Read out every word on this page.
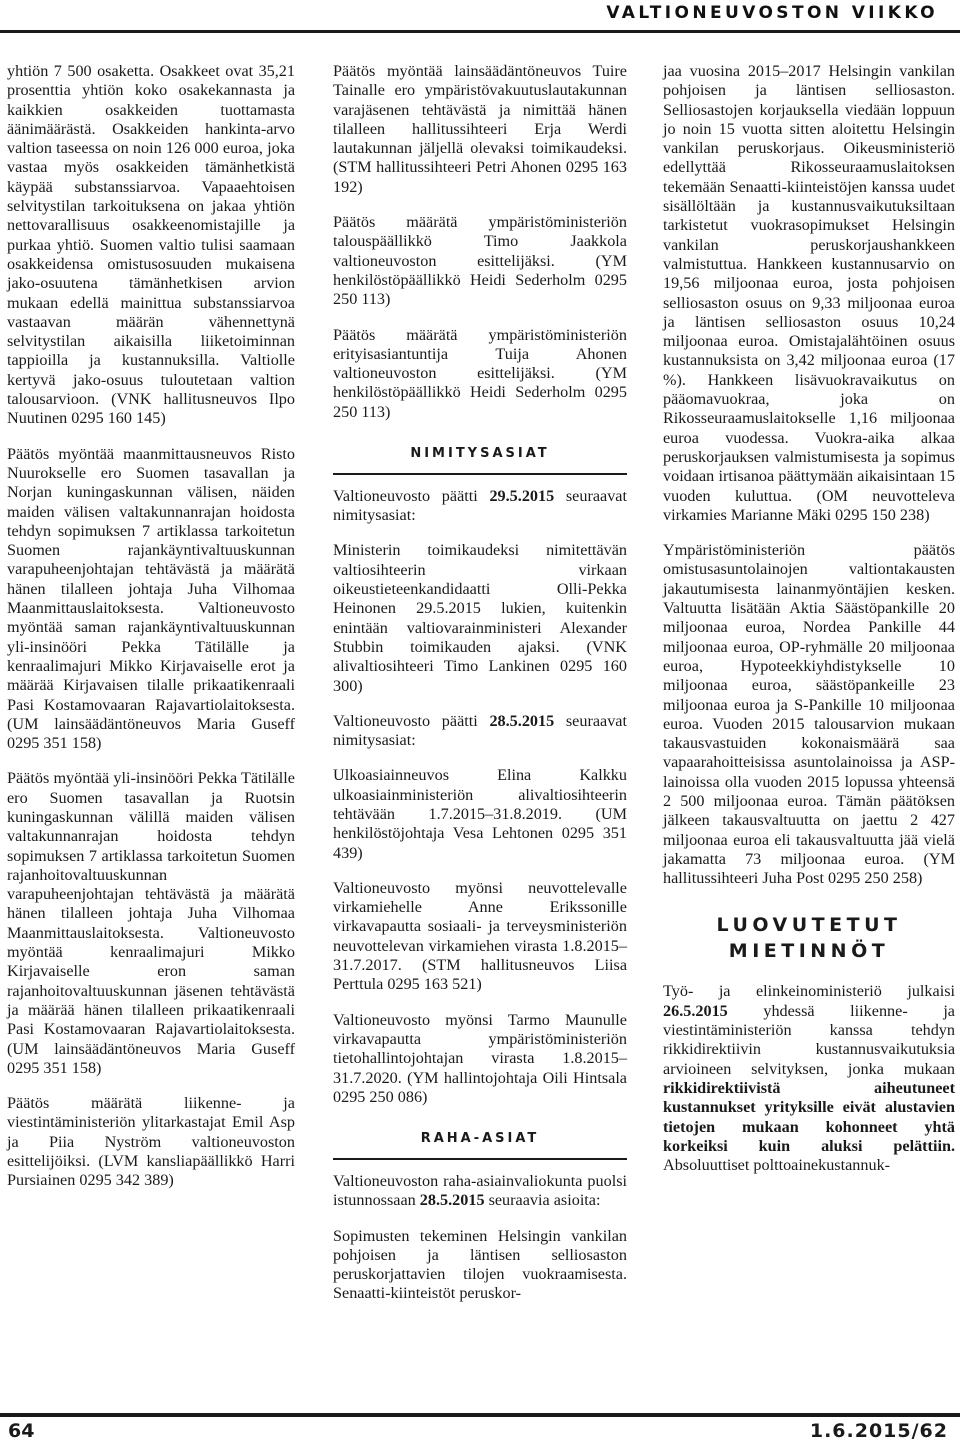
VALTIONEUVOSTON VIIKKO

yhtiön 7 500 osaketta. Osakkeet ovat 35,21 prosenttia yhtiön koko osakekannasta ja kaikkien osakkeiden tuottamasta äänimäärästä. Osakkeiden hankinta-arvo valtion taseessa on noin 126 000 euroa, joka vastaa myös osakkeiden tämänhetkistä käypää substanssiarvoa. Vapaaehtoisen selvitystilan tarkoituksena on jakaa yhtiön nettovarallisuus osakkeenomistajille ja purkaa yhtiö. Suomen valtio tulisi saamaan osakkeidensa omistusosuuden mukaisena jako-osuutena tämänhetkisen arvion mukaan edellä mainittua substanssiarvoa vastaavan määrän vähennettynä selvitystilan aikaisilla liiketoiminnan tappioilla ja kustannuksilla. Valtiolle kertyvä jako-osuus tuloutetaan valtion talousarvioon. (VNK hallitusneuvos Ilpo Nuutinen 0295 160 145)

Päätös myöntää maanmittausneuvos Risto Nuurokselle ero Suomen tasavallan ja Norjan kuningaskunnan välisen, näiden maiden välisen valtakunnanrajan hoidosta tehdyn sopimuksen 7 artiklassa tarkoitetun Suomen rajankäyntivaltuuskunnan varapuheenjohtajan tehtävästä ja määrätä hänen tilalleen johtaja Juha Vilhomaa Maanmittauslaitoksesta. Valtioneuvosto myöntää saman rajankäyntivaltuuskunnan yli-insinööri Pekka Tätilälle ja kenraalimajuri Mikko Kirjavaiselle erot ja määrää Kirjavaisen tilalle prikaatikenraali Pasi Kostamovaaran Rajavartiolaitoksesta. (UM lainsäädäntöneuvos Maria Guseff 0295 351 158)

Päätös myöntää yli-insinööri Pekka Tätilälle ero Suomen tasavallan ja Ruotsin kuningaskunnan välillä maiden välisen valtakunnanrajan hoidosta tehdyn sopimuksen 7 artiklassa tarkoitetun Suomen rajanhoitovaltuuskunnan varapuheenjohtajan tehtävästä ja määrätä hänen tilalleen johtaja Juha Vilhomaa Maanmittauslaitoksesta. Valtioneuvosto myöntää kenraalimajuri Mikko Kirjavaiselle eron saman rajanhoitovaltuuskunnan jäsenen tehtävästä ja määrää hänen tilalleen prikaatikenraali Pasi Kostamovaaran Rajavartiolaitoksesta. (UM lainsäädäntöneuvos Maria Guseff 0295 351 158)

Päätös määrätä liikenne- ja viestintäministeriön ylitarkastajat Emil Asp ja Piia Nyström valtioneuvoston esittelijöiksi. (LVM kansliapäällikkö Harri Pursiainen 0295 342 389)

Päätös myöntää lainsäädäntöneuvos Tuire Tainalle ero ympäristövakuutuslautakunnan varajäsenen tehtävästä ja nimittää hänen tilalleen hallitussihteeri Erja Werdi lautakunnan jäljellä olevaksi toimikaudeksi. (STM hallitussihteeri Petri Ahonen 0295 163 192)

Päätös määrätä ympäristöministeriön talouspäällikkö Timo Jaakkola valtioneuvoston esittelijäksi. (YM henkilöstöpäällikkö Heidi Sederholm 0295 250 113)

Päätös määrätä ympäristöministeriön erityisasiantuntija Tuija Ahonen valtioneuvoston esittelijäksi. (YM henkilöstöpäällikkö Heidi Sederholm 0295 250 113)

NIMITYSASIAT

Valtioneuvosto päätti 29.5.2015 seuraavat nimitysasiat:

Ministerin toimikaudeksi nimitettävän valtiosihteerin virkaan oikeustieteenkandidaatti Olli-Pekka Heinonen 29.5.2015 lukien, kuitenkin enintään valtiovarainministeri Alexander Stubbin toimikauden ajaksi. (VNK alivaltiosihteeri Timo Lankinen 0295 160 300)

Valtioneuvosto päätti 28.5.2015 seuraavat nimitysasiat:

Ulkoasiainneuvos Elina Kalkku ulkoasiainministeriön alivaltiosihteerin tehtävään 1.7.2015–31.8.2019. (UM henkilöstöjohtaja Vesa Lehtonen 0295 351 439)

Valtioneuvosto myönsi neuvottelevalle virkamiehelle Anne Erikssonille virkavapautta sosiaali- ja terveysministeriön neuvottelevan virkamiehen virasta 1.8.2015–31.7.2017. (STM hallitusneuvos Liisa Perttula 0295 163 521)

Valtioneuvosto myönsi Tarmo Maunulle virkavapautta ympäristöministeriön tietohallintojohtajan virasta 1.8.2015–31.7.2020. (YM hallintojohtaja Oili Hintsala 0295 250 086)

RAHA-ASIAT

Valtioneuvoston raha-asiainvaliokunta puolsi istunnossaan 28.5.2015 seuraavia asioita:

Sopimusten tekeminen Helsingin vankilan pohjoisen ja läntisen selliosaston peruskorjattavien tilojen vuokraamisesta. Senaatti-kiinteistöt peruskor-

jaa vuosina 2015–2017 Helsingin vankilan pohjoisen ja läntisen selliosaston. Selliosastojen korjauksella viedään loppuun jo noin 15 vuotta sitten aloitettu Helsingin vankilan peruskorjaus. Oikeusministeriö edellyttää Rikosseuraamuslaitoksen tekemään Senaatti-kiinteistöjen kanssa uudet sisällöltään ja kustannusvaikutuksiltaan tarkistetut vuokrasopimukset Helsingin vankilan peruskorjaushankkeen valmistuttua. Hankkeen kustannusarvio on 19,56 miljoonaa euroa, josta pohjoisen selliosaston osuus on 9,33 miljoonaa euroa ja läntisen selliosaston osuus 10,24 miljoonaa euroa. Omistajalähtöinen osuus kustannuksista on 3,42 miljoonaa euroa (17 %). Hankkeen lisävuokravaikutus on pääomavuokraa, joka on Rikosseuraamuslaitokselle 1,16 miljoonaa euroa vuodessa. Vuokra-aika alkaa peruskorjauksen valmistumisesta ja sopimus voidaan irtisanoa päättymään aikaisintaan 15 vuoden kuluttua. (OM neuvotteleva virkamies Marianne Mäki 0295 150 238)

Ympäristöministeriön päätös omistusasuntolainojen valtiontakausten jakautumisesta lainanmyöntäjien kesken. Valtuutta lisätään Aktia Säästöpankille 20 miljoonaa euroa, Nordea Pankille 44 miljoonaa euroa, OP-ryhmälle 20 miljoonaa euroa, Hypoteekkiyhdistykselle 10 miljoonaa euroa, säästöpankeille 23 miljoonaa euroa ja S-Pankille 10 miljoonaa euroa. Vuoden 2015 talousarvion mukaan takausvastuiden kokonaismäärä saa vapaarahoitteisissa asuntolainoissa ja ASP-lainoissa olla vuoden 2015 lopussa yhteensä 2 500 miljoonaa euroa. Tämän päätöksen jälkeen takausvaltuutta on jaettu 2 427 miljoonaa euroa eli takausvaltuutta jää vielä jakamatta 73 miljoonaa euroa. (YM hallitussihteeri Juha Post 0295 250 258)

LUOVUTETUT
MIETINNÖT

Työ- ja elinkeinoministeriö julkaisi 26.5.2015 yhdessä liikenne- ja viestintäministeriön kanssa tehdyn rikkidirektiivin kustannusvaikutuksia arvioineen selvityksen, jonka mukaan rikkidirektiivistä aiheutuneet kustannukset yrityksille eivät alustavien tietojen mukaan kohonneet yhtä korkeiksi kuin aluksi pelättiin. Absoluuttiset polttoainekustannuk-

64	1.6.2015/62
